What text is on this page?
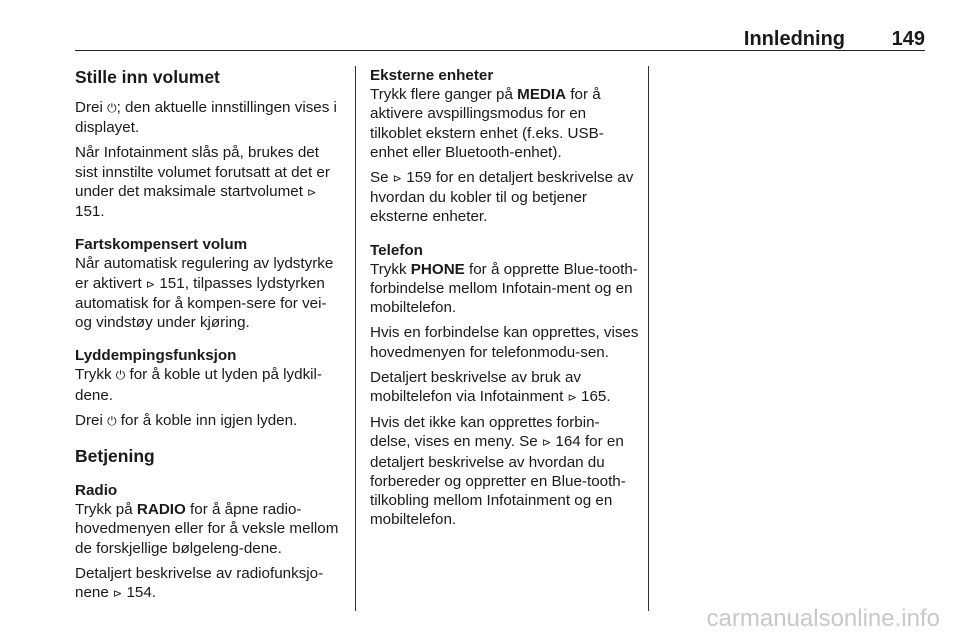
Innledning 149
Stille inn volumet

Drei ⏻; den aktuelle innstillingen vises i displayet.

Når Infotainment slås på, brukes det sist innstilte volumet forutsatt at det er under det maksimale startvolumet ⊳ 151.

Fartskompensert volum

Når automatisk regulering av lydstyrke er aktivert ⊳ 151, tilpasses lydstyrken automatisk for å kompen-sere for vei- og vindstøy under kjøring.

Lyddempingsfunksjon

Trykk ⏻ for å koble ut lyden på lydkil-dene.

Drei ⏻ for å koble inn igjen lyden.

Betjening
Radio

Trykk på RADIO for å åpne radio-hovedmenyen eller for å veksle mellom de forskjellige bølgeleng-dene.

Detaljert beskrivelse av radiofunksjo-nene ⊳ 154.

Eksterne enheter

Trykk flere ganger på MEDIA for å aktivere avspillingsmodus for en tilkoblet ekstern enhet (f.eks. USB-enhet eller Bluetooth-enhet).

Se ⊳ 159 for en detaljert beskrivelse av hvordan du kobler til og betjener eksterne enheter.

Telefon

Trykk PHONE for å opprette Blue-tooth-forbindelse mellom Infotain-ment og en mobiltelefon.

Hvis en forbindelse kan opprettes, vises hovedmenyen for telefonmodu-sen.

Detaljert beskrivelse av bruk av mobiltelefon via Infotainment ⊳ 165.

Hvis det ikke kan opprettes forbin-delse, vises en meny. Se ⊳ 164 for en detaljert beskrivelse av hvordan du forbereder og oppretter en Blue-tooth-tilkobling mellom Infotainment og en mobiltelefon.

carmanualsonline.info
